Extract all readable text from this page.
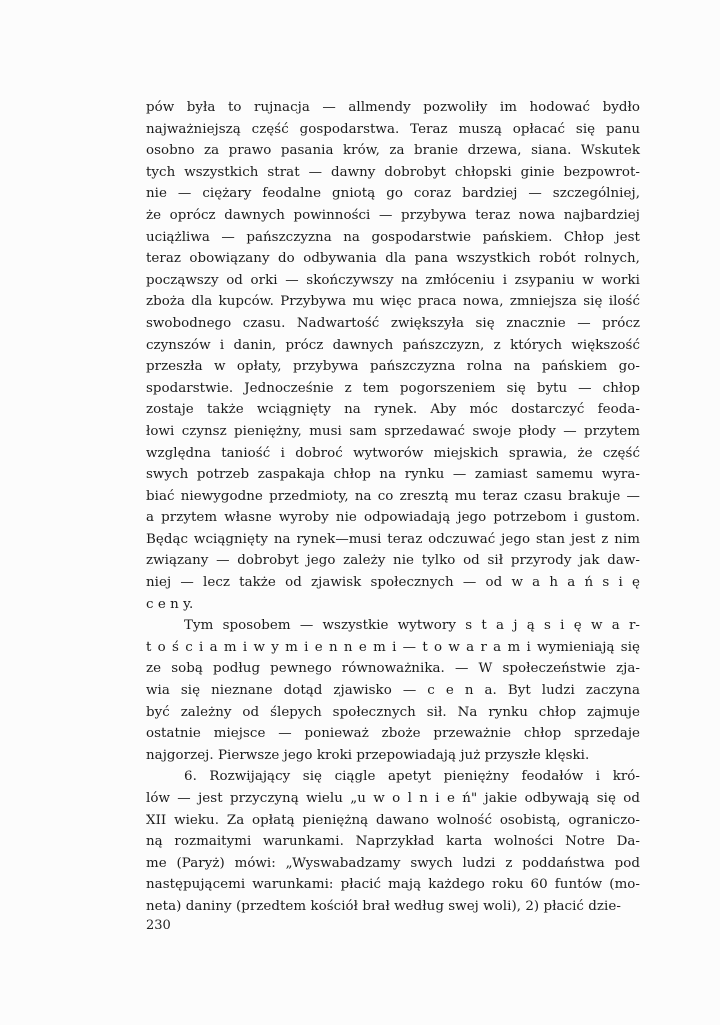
pów była to rujnacja — allmendy pozwoliły im hodować bydło
najważniejszą część gospodarstwa. Teraz muszą opłacać się panu
osobno za prawo pasania krów, za branie drzewa, siana. Wskutek
tych wszystkich strat — dawny dobrobyt chłopski ginie bezpowrot-
nie — ciężary feodalne gniotą go coraz bardziej — szczególniej,
że oprócz dawnych powinności — przybywa teraz nowa najbardziej
uciążliwa — pańszczyzna na gospodarstwie pańskiem. Chłop jest
teraz obowiązany do odbywania dla pana wszystkich robót rolnych,
począwszy od orki — skończywszy na zmłóceniu i zsypaniu w worki
zboża dla kupców. Przybywa mu więc praca nowa, zmniejsza się ilość
swobodnego czasu. Nadwartość zwiększyła się znacznie — prócz
czynszów i danin, prócz dawnych pańszczyzn, z których większość
przeszła w opłaty, przybywa pańszczyzna rolna na pańskiem go-
spodarstwie. Jednocześnie z tem pogorszeniem się bytu — chłop
zostaje także wciągnięty na rynek. Aby móc dostarczyć feoda-
łowi czynsz pieniężny, musi sam sprzedawać swoje płody — przytem
względna taniość i dobroć wytworów miejskich sprawia, że część
swych potrzeb zaspakaja chłop na rynku — zamiast samemu wyra-
biać niewygodne przedmioty, na co zresztą mu teraz czasu brakuje —
a przytem własne wyroby nie odpowiadają jego potrzebom i gustom.
Będąc wciągnięty na rynek—musi teraz odczuwać jego stan jest z nim
związany — dobrobyt jego zależy nie tylko od sił przyrody jak daw-
niej — lecz także od zjawisk społecznych — od w a h a ń s i ę
c e n y.
Tym sposobem — wszystkie wytwory s t a j ą s i ę w a r-
t o ś c i a m i w y m i e n n e m i — t o w a r a m i wymieniają się
ze sobą podług pewnego równoważnika. — W społeczeństwie zja-
wia się nieznane dotąd zjawisko — c e n a. Byt ludzi zaczyna
być zależny od ślepych społecznych sił. Na rynku chłop zajmuje
ostatnie miejsce — ponieważ zboże przeważnie chłop sprzedaje
najgorzej. Pierwsze jego kroki przepowiadają już przyszłe klęski.
6. Rozwijający się ciągle apetyt pieniężny feodałów i kró-
lów — jest przyczyną wielu „u w o l n i e ń" jakie odbywają się od
XII wieku. Za opłatą pieniężną dawano wolność osobistą, ograniczo-
ną rozmaitymi warunkami. Naprzykład karta wolności Notre Da-
me (Paryż) mówi: „Wyswabadzamy swych ludzi z poddaństwa pod
następującemi warunkami: płacić mają każdego roku 60 funtów (mo-
neta) daniny (przedtem kościół brał według swej woli), 2) płacić dzie-
230
